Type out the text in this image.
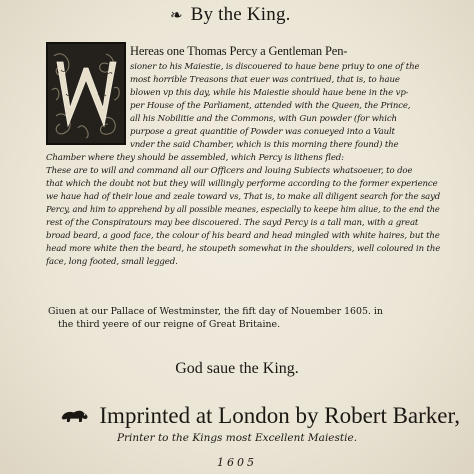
❧ By the King.
Hereas one Thomas Percy a Gentleman Pen-
sioner to his Maiestie, is discouered to haue bene priuy to one of the
most horrible Treasons that euer was contriued, that is, to haue
blowen vp this day, while his Maiestie should haue bene in the vp-
per House of the Parliament, attended with the Queen, the Prince,
all his Nobilitie and the Commons, with Gun powder (for which
purpose a great quantitie of Powder was conueyed into a Vault
vnder the said Chamber, which is this morning there found) the
Chamber where they should be assembled, which Percy is lithens fled:
These are to will and command all our Officers and louing Subiects whatsoeuer, to doe
that which the doubt not but they will willingly performe according to the former experience
we haue had of their loue and zeale toward vs, That is, to make all diligent search for the sayd
Percy, and him to apprehend by all possible meanes, especially to keepe him aliue, to the end the
rest of the Conspiratours may bee discouered. The sayd Percy is a tall man, with a great
broad beard, a good face, the colour of his beard and head mingled with white haires, but the
head more white then the beard, he stoupeth somewhat in the shoulders, well coloured in the
face, long footed, small legged.
Giuen at our Pallace of Westminster, the fift day of Nouember 1605. in
the third yeere of our reigne of Great Britaine.
God saue the King.
Imprinted at London by Robert Barker,
Printer to the Kings most Excellent Maiestie.
1605
